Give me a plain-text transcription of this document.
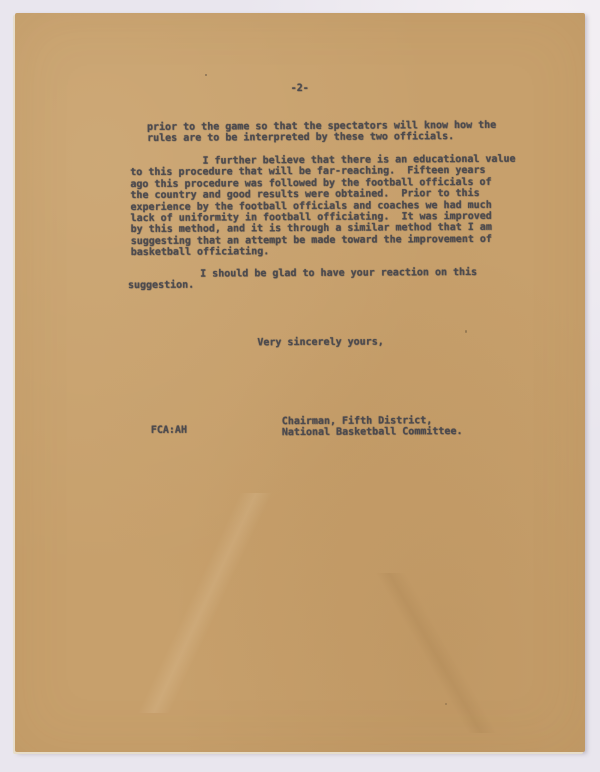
-2-
prior to the game so that the spectators will know how the
rules are to be interpreted by these two officials.
I further believe that there is an educational value
to this procedure that will be far-reaching.  Fifteen years
ago this procedure was followed by the football officials of
the country and good results were obtained.  Prior to this
experience by the football officials and coaches we had much
lack of uniformity in football officiating.  It was improved
by this method, and it is through a similar method that I am
suggesting that an attempt be made toward the improvement of
basketball officiating.
I should be glad to have your reaction on this
suggestion.
Very sincerely yours,
Chairman, Fifth District,
National Basketball Committee.
FCA:AH
